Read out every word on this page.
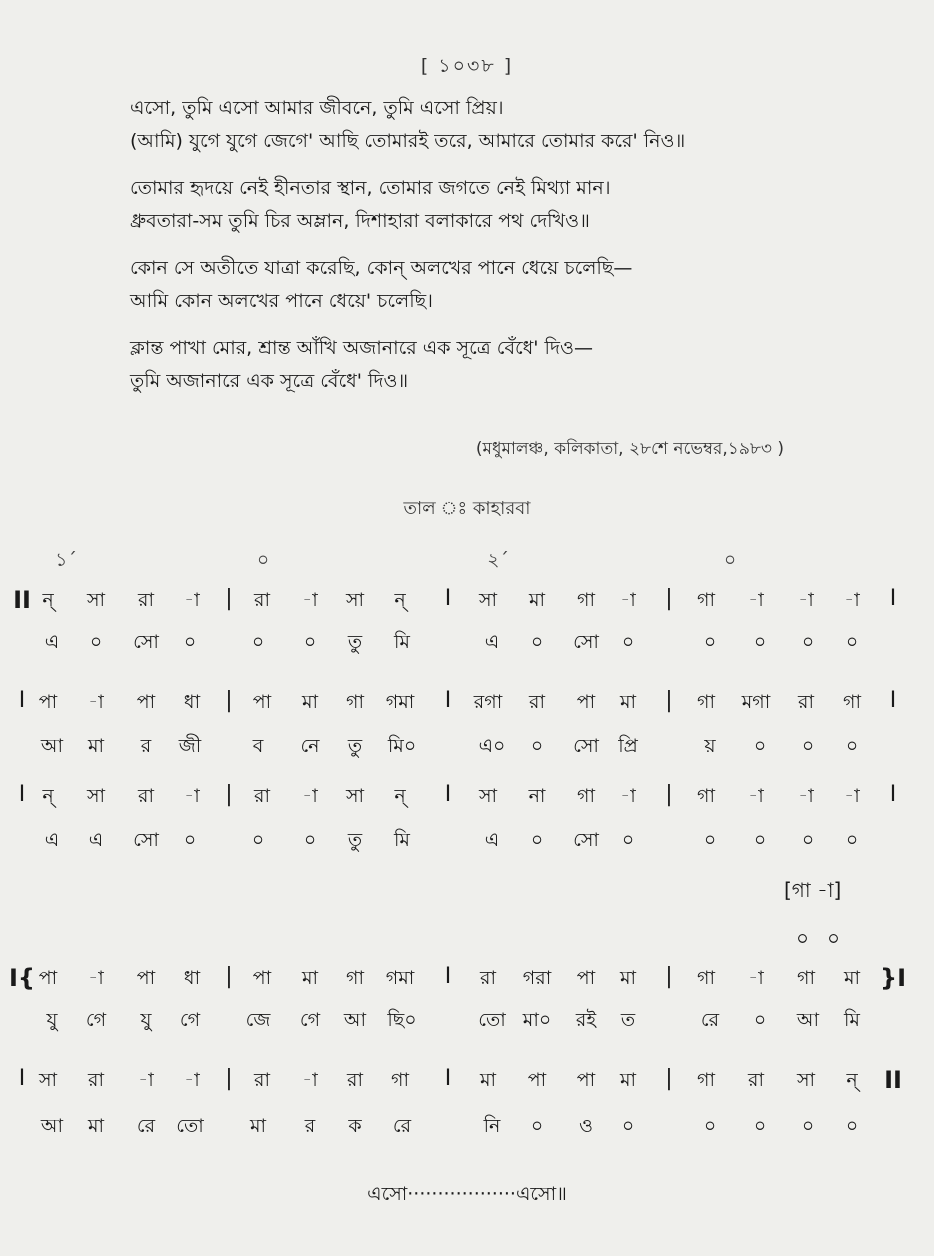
[ ১০৩৮ ]
এসো, তুমি এসো আমার জীবনে, তুমি এসো প্রিয়।
(আমি) যুগে যুগে জেগে' আছি তোমারই তরে, আমারে তোমার করে' নিও॥
তোমার হৃদয়ে নেই হীনতার স্থান, তোমার জগতে নেই মিথ্যা মান।
ধ্রুবতারা-সম তুমি চির অম্লান, দিশাহারা বলাকারে পথ দেখিও॥
কোন সে অতীতে যাত্রা করেছি, কোন্ অলখের পানে ধেয়ে চলেছি—
আমি কোন অলখের পানে ধেয়ে' চলেছি।
ক্লান্ত পাখা মোর, শ্রান্ত আঁখি অজানারে এক সূত্রে বেঁধে' দিও—
তুমি অজানারে এক সূত্রে বেঁধে' দিও॥
(মধুমালঞ্চ, কলিকাতা, ২৮শে নভেম্বর,১৯৮৩ )
তাল ঃ কাহারবা
১´	০	২´	০
II ন্ সা রা -া | রা -া সা ন্ I সা মা গা -া | গা -া -া -া I
এ ০ সো ০	০ ০ তু মি	এ ০ সো ০	০ ০ ০ ০
I পা -া পা ধা | পা মা গা গমা I রগা রা পা মা | গা মগা রা গা I
আ মা র জী	ব নে তু মি০	এ০ ০ সো প্রি	য় ০ ০ ০
I ন্ সা রা -া | রা -া সা ন্ I সা না গা -া | গা -া -া -া I
এ এ সো ০	০ ০ তু মি	এ ০ সো ০	০ ০ ০ ০
I{ পা -া পা ধা | পা মা গা গমা I রা গরা পা মা | গা -া গা মা }I
যু গে যু গে জে গে আ ছি০	তো মা০ রই ত	রে ০ আ মি
I সা রা -া -া | রা -া রা গা I মা পা পা মা | গা রা সা ন্ II
আ মা রে তো মা র ক রে	নি ০ ও ০	০ ০ ০ ০
[গা -া]
০০
এসো··················এসো॥
